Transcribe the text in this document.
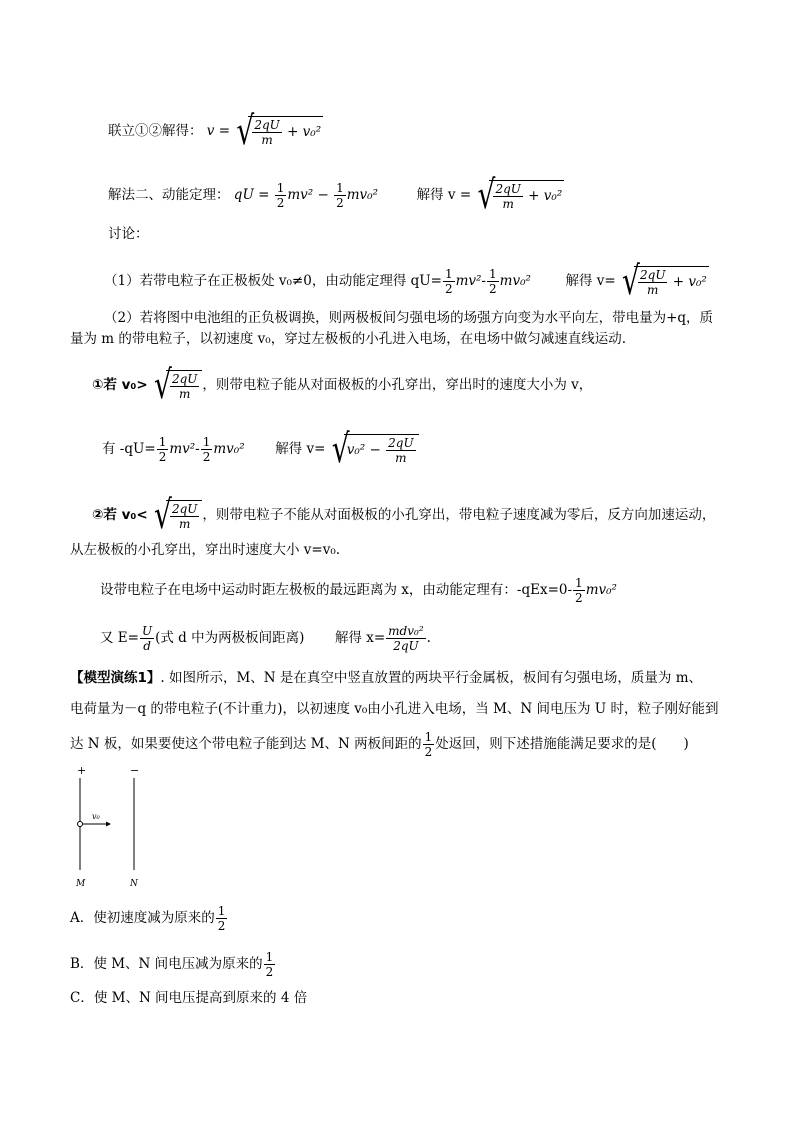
联立①②解得： v = √
$\frac{2qU}{m} + v_0^2$
解法二、动能定理： qU = $\frac{1}{2} mv^2 - \frac{1}{2} mv_0^2$	解得 v = √
$\frac{2qU}{m} + v_0^2$
讨论：
（1）若带电粒子在正极板处 v₀≠0，由动能定理得 $qU= \frac{1}{2} mv^2- \frac{1}{2} mv_0^2$	解得 v= √
$\frac{2qU}{m} + v_0^2$
（2）若将图中电池组的正负极调换，则两极板间匀强电场的场强方向变为水平向左，带电量为+q，质
量为 m 的带电粒子，以初速度 v₀，穿过左极板的小孔进入电场，在电场中做匀减速直线运动.
①若 v₀> √
$\frac{2qU}{m}$ ，则带电粒子能从对面极板的小孔穿出，穿出时的速度大小为 v，
有 $-qU= \frac{1}{2} mv^2- \frac{1}{2} mv_0^2$ 解得 v= √
$v_0^2 - \frac{2qU}{m}$
②若 v₀< √
$\frac{2qU}{m}$ ，则带电粒子不能从对面极板的小孔穿出，带电粒子速度减为零后，反方向加速运动，
从左极板的小孔穿出，穿出时速度大小 v=v₀.
设带电粒子在电场中运动时距左极板的最远距离为 x，由动能定理有：$-qEx=0- \frac{1}{2} mv_0^2$
又 $E= \frac{U}{d}$ (式 d 中为两极板间距离) 解得 $x= \frac{\text{mdv₀²}}{2qU}$ .
【模型演练1】. 如图所示，M、N 是在真空中竖直放置的两块平行金属板，板间有匀强电场，质量为 m、
电荷量为－q 的带电粒子(不计重力)，以初速度 v₀由小孔进入电场，当 M、N 间电压为 U 时，粒子刚好能到
达 N 板，如果要使这个带电粒子能到达 M、N 两板间距的 $\frac{1}{2}$ 处返回，则下述措施能满足要求的是(　　)
+	−
v₀
M	N
A．使初速度减为原来的 $\frac{1}{2}$
B．使 M、N 间电压减为原来的 $\frac{1}{2}$
C．使 M、N 间电压提高到原来的 4 倍
